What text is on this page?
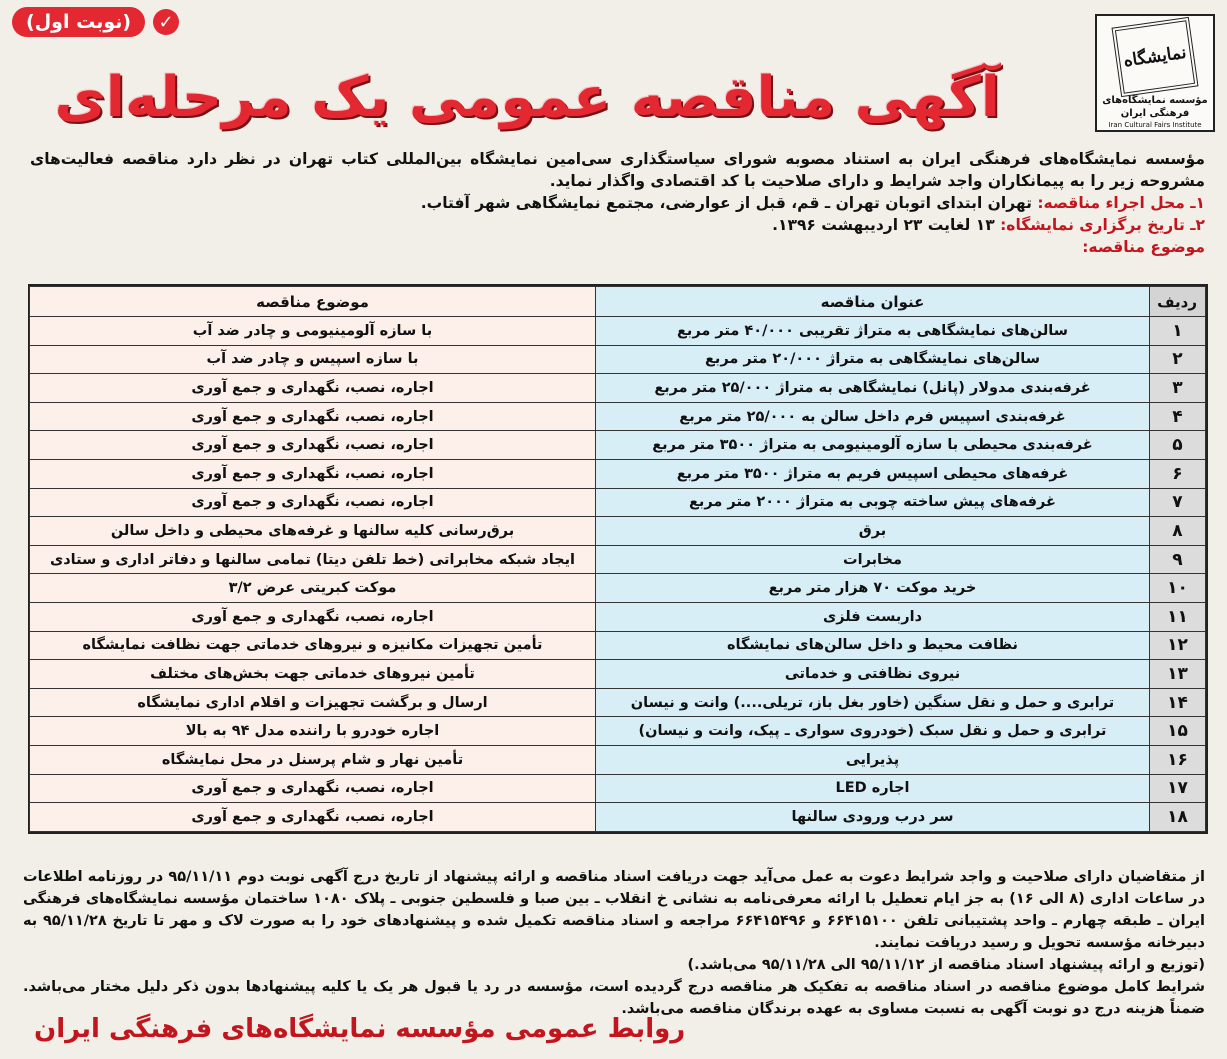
(نوبت اول)	✓
نمایشگاه
مؤسسه نمایشگاه‌های فرهنگی ایران
Iran Cultural Fairs Institute
آگهی مناقصه عمومی یک مرحله‌ای
مؤسسه نمایشگاه‌های فرهنگی ایران به استناد مصوبه شورای سیاستگذاری سی‌امین نمایشگاه بین‌المللی کتاب تهران در نظر دارد مناقصه فعالیت‌های مشروحه زیر را به پیمانکاران واجد شرایط و دارای صلاحیت با کد اقتصادی واگذار نماید.
۱ـ محل اجراء مناقصه: تهران ابتدای اتوبان تهران ـ قم، قبل از عوارضی، مجتمع نمایشگاهی شهر آفتاب.
۲ـ تاریخ برگزاری نمایشگاه: ۱۳ لغایت ۲۳ اردیبهشت ۱۳۹۶.
موضوع مناقصه:
ردیف	عنوان مناقصه	موضوع مناقصه
۱	سالن‌های نمایشگاهی به متراژ تقریبی ۴۰/۰۰۰ متر مربع	با سازه آلومینیومی و چادر ضد آب
۲	سالن‌های نمایشگاهی به متراژ ۲۰/۰۰۰ متر مربع	با سازه اسپیس و چادر ضد آب
۳	غرفه‌بندی مدولار (پانل) نمایشگاهی به متراژ ۲۵/۰۰۰ متر مربع	اجاره، نصب، نگهداری و جمع آوری
۴	غرفه‌بندی اسپیس فرم داخل سالن به ۲۵/۰۰۰ متر مربع	اجاره، نصب، نگهداری و جمع آوری
۵	غرفه‌بندی محیطی با سازه آلومینیومی به متراژ ۳۵۰۰ متر مربع	اجاره، نصب، نگهداری و جمع آوری
۶	غرفه‌های محیطی اسپیس فریم به متراژ ۳۵۰۰ متر مربع	اجاره، نصب، نگهداری و جمع آوری
۷	غرفه‌های پیش ساخته چوبی به متراژ ۲۰۰۰ متر مربع	اجاره، نصب، نگهداری و جمع آوری
۸	برق	برق‌رسانی کلیه سالنها و غرفه‌های محیطی و داخل سالن
۹	مخابرات	ایجاد شبکه مخابراتی (خط تلفن دیتا) تمامی سالنها و دفاتر اداری و ستادی
۱۰	خرید موکت ۷۰ هزار متر مربع	موکت کبریتی عرض ۳/۲
۱۱	داربست فلزی	اجاره، نصب، نگهداری و جمع آوری
۱۲	نظافت محیط و داخل سالن‌های نمایشگاه	تأمین تجهیزات مکانیزه و نیروهای خدماتی جهت نظافت نمایشگاه
۱۳	نیروی نظافتی و خدماتی	تأمین نیروهای خدماتی جهت بخش‌های مختلف
۱۴	ترابری و حمل و نقل سنگین (خاور بغل باز، تریلی....) وانت و نیسان	ارسال و برگشت تجهیزات و اقلام اداری نمایشگاه
۱۵	ترابری و حمل و نقل سبک (خودروی سواری ـ پیک، وانت و نیسان)	اجاره خودرو با راننده مدل ۹۴ به بالا
۱۶	پذیرایی	تأمین نهار و شام پرسنل در محل نمایشگاه
۱۷	اجاره LED	اجاره، نصب، نگهداری و جمع آوری
۱۸	سر درب ورودی سالنها	اجاره، نصب، نگهداری و جمع آوری
از متقاضیان دارای صلاحیت و واجد شرایط دعوت به عمل می‌آید جهت دریافت اسناد مناقصه و ارائه پیشنهاد از تاریخ درج آگهی نوبت دوم ۹۵/۱۱/۱۱ در روزنامه اطلاعات در ساعات اداری (۸ الی ۱۶) به جز ایام تعطیل با ارائه معرفی‌نامه به نشانی خ انقلاب ـ بین صبا و فلسطین جنوبی ـ پلاک ۱۰۸۰ ساختمان مؤسسه نمایشگاه‌های فرهنگی ایران ـ طبقه چهارم ـ واحد پشتیبانی تلفن ۶۶۴۱۵۱۰۰ و ۶۶۴۱۵۴۹۶ مراجعه و اسناد مناقصه تکمیل شده و پیشنهادهای خود را به صورت لاک و مهر تا تاریخ ۹۵/۱۱/۲۸ به دبیرخانه مؤسسه تحویل و رسید دریافت نمایند.
(توزیع و ارائه پیشنهاد اسناد مناقصه از ۹۵/۱۱/۱۲ الی ۹۵/۱۱/۲۸ می‌باشد.)
شرایط کامل موضوع مناقصه در اسناد مناقصه به تفکیک هر مناقصه درج گردیده است، مؤسسه در رد یا قبول هر یک یا کلیه پیشنهادها بدون ذکر دلیل مختار می‌باشد. ضمناً هزینه درج دو نوبت آگهی به نسبت مساوی به عهده برندگان مناقصه می‌باشد.
روابط عمومی مؤسسه نمایشگاه‌های فرهنگی ایران
